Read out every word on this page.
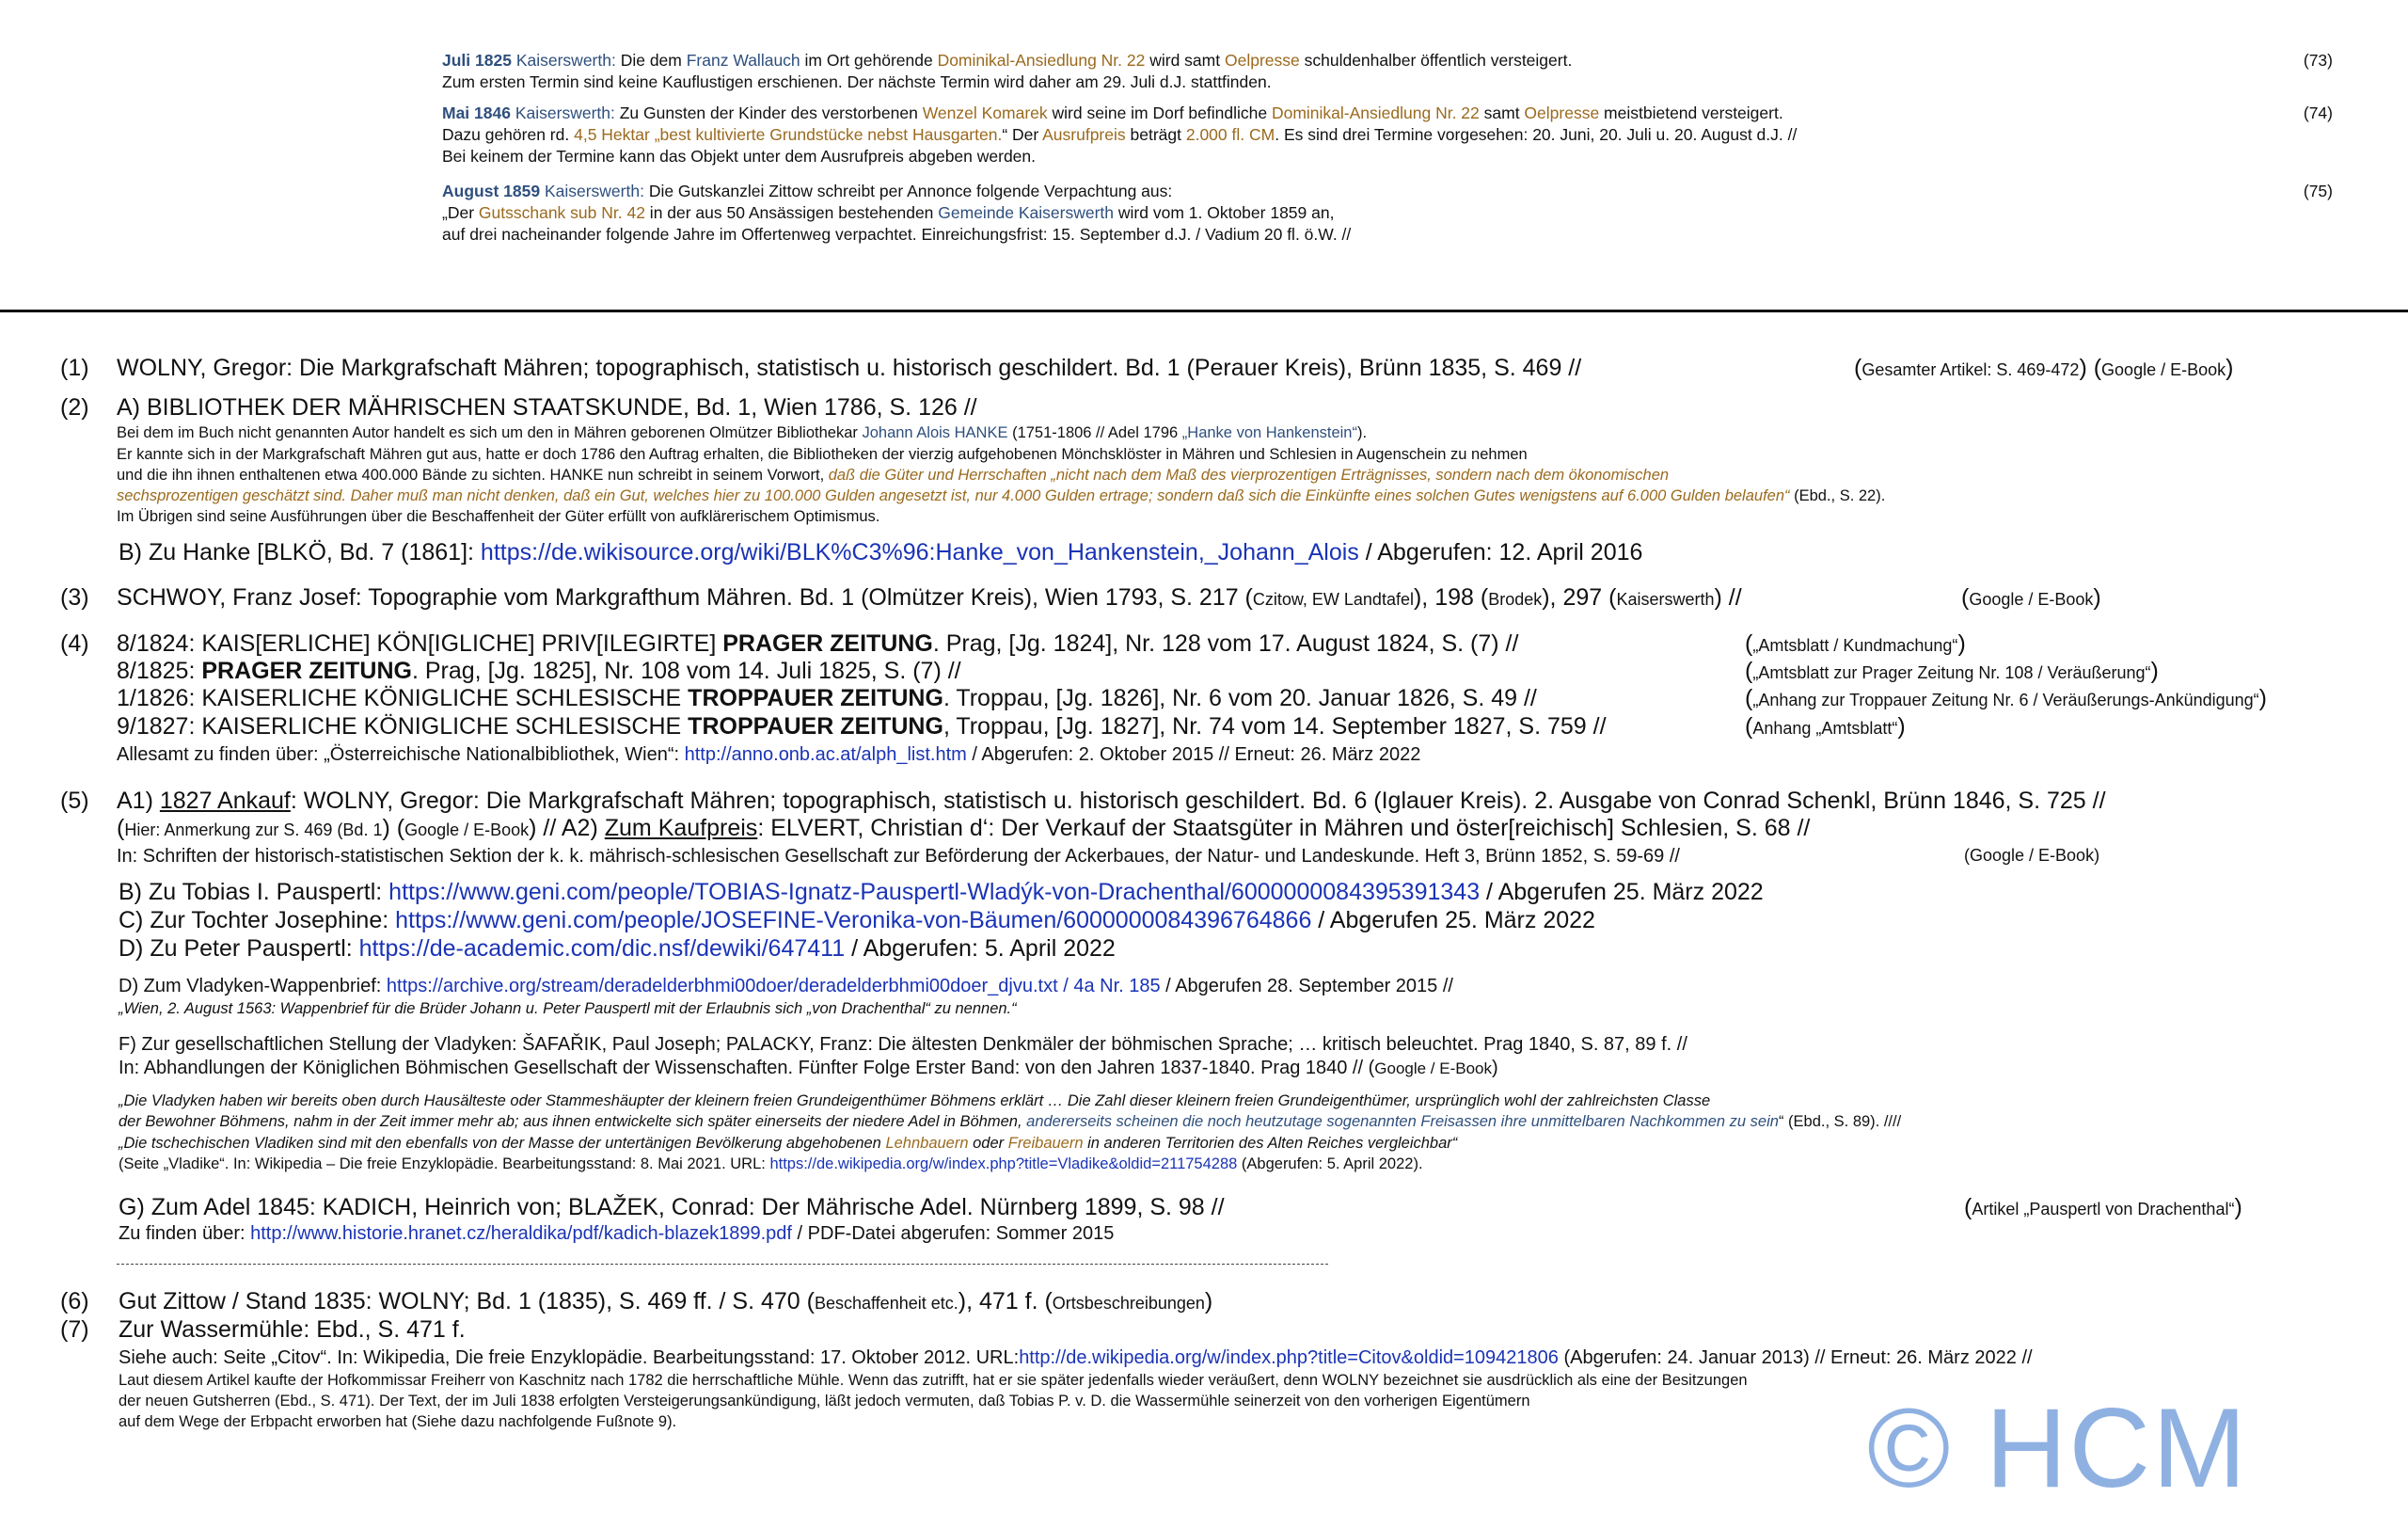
Juli 1825 Kaiserswerth: Die dem Franz Wallauch im Ort gehörende Dominikal-Ansiedlung Nr. 22 wird samt Oelpresse schuldenhalber öffentlich versteigert.
Zum ersten Termin sind keine Kauflustigen erschienen. Der nächste Termin wird daher am 29. Juli d.J. stattfinden.
(73)
Mai 1846 Kaiserswerth: Zu Gunsten der Kinder des verstorbenen Wenzel Komarek wird seine im Dorf befindliche Dominikal-Ansiedlung Nr. 22 samt Oelpresse meistbietend versteigert.
Dazu gehören rd. 4,5 Hektar „best kultivierte Grundstücke nebst Hausgarten.“ Der Ausrufpreis beträgt 2.000 fl. CM. Es sind drei Termine vorgesehen: 20. Juni, 20. Juli u. 20. August d.J. //
Bei keinem der Termine kann das Objekt unter dem Ausrufpreis abgeben werden.
(74)
August 1859 Kaiserswerth: Die Gutskanzlei Zittow schreibt per Annonce folgende Verpachtung aus:
„Der Gutsschank sub Nr. 42 in der aus 50 Ansässigen bestehenden Gemeinde Kaiserswerth wird vom 1. Oktober 1859 an,
auf drei nacheinander folgende Jahre im Offertenweg verpachtet. Einreichungsfrist: 15. September d.J. / Vadium 20 fl. ö.W. //
(75)
(1) WOLNY, Gregor: Die Markgrafschaft Mähren; topographisch, statistisch u. historisch geschildert. Bd. 1 (Perauer Kreis), Brünn 1835, S. 469 //	(Gesamter Artikel: S. 469-472) (Google / E-Book)
(2) A) BIBLIOTHEK DER MÄHRISCHEN STAATSKUNDE, Bd. 1, Wien 1786, S. 126 //
Bei dem im Buch nicht genannten Autor handelt es sich um den in Mähren geborenen Olmützer Bibliothekar Johann Alois HANKE (1751-1806 // Adel 1796 „Hanke von Hankenstein“).
Er kannte sich in der Markgrafschaft Mähren gut aus, hatte er doch 1786 den Auftrag erhalten, die Bibliotheken der vierzig aufgehobenen Mönchsklöster in Mähren und Schlesien in Augenschein zu nehmen
und die ihn ihnen enthaltenen etwa 400.000 Bände zu sichten. HANKE nun schreibt in seinem Vorwort, daß die Güter und Herrschaften „nicht nach dem Maß des vierprozentigen Erträgnisses, sondern nach dem ökonomischen
sechsprozentigen geschätzt sind. Daher muß man nicht denken, daß ein Gut, welches hier zu 100.000 Gulden angesetzt ist, nur 4.000 Gulden ertrage; sondern daß sich die Einkünfte eines solchen Gutes wenigstens auf 6.000 Gulden belaufen“ (Ebd., S. 22).
Im Übrigen sind seine Ausführungen über die Beschaffenheit der Güter erfüllt von aufklärerischem Optimismus.
B) Zu Hanke [BLKÖ, Bd. 7 (1861]: https://de.wikisource.org/wiki/BLK%C3%96:Hanke_von_Hankenstein,_Johann_Alois / Abgerufen: 12. April 2016
(3) SCHWOY, Franz Josef: Topographie vom Markgrafthum Mähren. Bd. 1 (Olmützer Kreis), Wien 1793, S. 217 (Czitow, EW Landtafel), 198 (Brodek), 297 (Kaiserswerth) //	(Google / E-Book)
(4) 8/1824: KAIS[ERLICHE] KÖN[IGLICHE] PRIV[ILEGIRTE] PRAGER ZEITUNG. Prag, [Jg. 1824], Nr. 128 vom 17. August 1824, S. (7) //	(„Amtsblatt / Kundmachung“)
8/1825: PRAGER ZEITUNG. Prag, [Jg. 1825], Nr. 108 vom 14. Juli 1825, S. (7) //	(„Amtsblatt zur Prager Zeitung Nr. 108 / Veräußerung“)
1/1826: KAISERLICHE KÖNIGLICHE SCHLESISCHE TROPPAUER ZEITUNG. Troppau, [Jg. 1826], Nr. 6 vom 20. Januar 1826, S. 49 //	(„Anhang zur Troppauer Zeitung Nr. 6 / Veräußerungs-Ankündigung“)
9/1827: KAISERLICHE KÖNIGLICHE SCHLESISCHE TROPPAUER ZEITUNG, Troppau, [Jg. 1827], Nr. 74 vom 14. September 1827, S. 759 //	(Anhang „Amtsblatt“)
Allesamt zu finden über: „Österreichische Nationalbibliothek, Wien“: http://anno.onb.ac.at/alph_list.htm / Abgerufen: 2. Oktober 2015 // Erneut: 26. März 2022
(5) A1) 1827 Ankauf: WOLNY, Gregor: Die Markgrafschaft Mähren; topographisch, statistisch u. historisch geschildert. Bd. 6 (Iglauer Kreis). 2. Ausgabe von Conrad Schenkl, Brünn 1846, S. 725 //
(Hier: Anmerkung zur S. 469 (Bd. 1) (Google / E-Book) // A2) Zum Kaufpreis: ELVERT, Christian d‘: Der Verkauf der Staatsgüter in Mähren und öster[reichisch] Schlesien, S. 68 //
In: Schriften der historisch-statistischen Sektion der k. k. mährisch-schlesischen Gesellschaft zur Beförderung der Ackerbaues, der Natur- und Landeskunde. Heft 3, Brünn 1852, S. 59-69 //	(Google / E-Book)
B) Zu Tobias I. Pauspertl: https://www.geni.com/people/TOBIAS-Ignatz-Pauspertl-Wladýk-von-Drachenthal/6000000084395391343 / Abgerufen 25. März 2022
C) Zur Tochter Josephine: https://www.geni.com/people/JOSEFINE-Veronika-von-Bäumen/6000000084396764866 / Abgerufen 25. März 2022
D) Zu Peter Pauspertl: https://de-academic.com/dic.nsf/dewiki/647411 / Abgerufen: 5. April 2022
D) Zum Vladyken-Wappenbrief: https://archive.org/stream/deradelderbhmi00doer/deradelderbhmi00doer_djvu.txt / 4a Nr. 185 / Abgerufen 28. September 2015 //
„Wien, 2. August 1563: Wappenbrief für die Brüder Johann u. Peter Pauspertl mit der Erlaubnis sich „von Drachenthal“ zu nennen.“
F) Zur gesellschaftlichen Stellung der Vladyken: ŠAFAŘIK, Paul Joseph; PALACKY, Franz: Die ältesten Denkmäler der böhmischen Sprache; … kritisch beleuchtet. Prag 1840, S. 87, 89 f. //
In: Abhandlungen der Königlichen Böhmischen Gesellschaft der Wissenschaften. Fünfter Folge Erster Band: von den Jahren 1837-1840. Prag 1840 // (Google / E-Book)
„Die Vladyken haben wir bereits oben durch Hausälteste oder Stammeshäupter der kleinern freien Grundeigenthümer Böhmens erklärt … Die Zahl dieser kleinern freien Grundeigenthümer, ursprünglich wohl der zahlreichsten Classe
der Bewohner Böhmens, nahm in der Zeit immer mehr ab; aus ihnen entwickelte sich später einerseits der niedere Adel in Böhmen, andererseits scheinen die noch heutzutage sogenannten Freisassen ihre unmittelbaren Nachkommen zu sein“ (Ebd., S. 89). ////
„Die tschechischen Vladiken sind mit den ebenfalls von der Masse der untertänigen Bevölkerung abgehobenen Lehnbauern oder Freibauern in anderen Territorien des Alten Reiches vergleichbar“
(Seite „Vladike“. In: Wikipedia – Die freie Enzyklopädie. Bearbeitungsstand: 8. Mai 2021. URL: https://de.wikipedia.org/w/index.php?title=Vladike&oldid=211754288 (Abgerufen: 5. April 2022).
G) Zum Adel 1845: KADICH, Heinrich von; BLAŽEK, Conrad: Der Mährische Adel. Nürnberg 1899, S. 98 //	(Artikel „Pauspertl von Drachenthal“)
Zu finden über: http://www.historie.hranet.cz/heraldika/pdf/kadich-blazek1899.pdf / PDF-Datei abgerufen: Sommer 2015
(6) Gut Zittow / Stand 1835: WOLNY; Bd. 1 (1835), S. 469 ff. / S. 470 (Beschaffenheit etc.), 471 f. (Ortsbeschreibungen)
(7) Zur Wassermühle: Ebd., S. 471 f.
Siehe auch: Seite „Citov“. In: Wikipedia, Die freie Enzyklopädie. Bearbeitungsstand: 17. Oktober 2012. URL:http://de.wikipedia.org/w/index.php?title=Citov&oldid=109421806 (Abgerufen: 24. Januar 2013) // Erneut: 26. März 2022 //
Laut diesem Artikel kaufte der Hofkommissar Freiherr von Kaschnitz nach 1782 die herrschaftliche Mühle. Wenn das zutrifft, hat er sie später jedenfalls wieder veräußert, denn WOLNY bezeichnet sie ausdrücklich als eine der Besitzungen
der neuen Gutsherren (Ebd., S. 471). Der Text, der im Juli 1838 erfolgten Versteigerungsankündigung, läßt jedoch vermuten, daß Tobias P. v. D. die Wassermühle seinerzeit von den vorherigen Eigentümern
auf dem Wege der Erbpacht erworben hat (Siehe dazu nachfolgende Fußnote 9).	© HCM
